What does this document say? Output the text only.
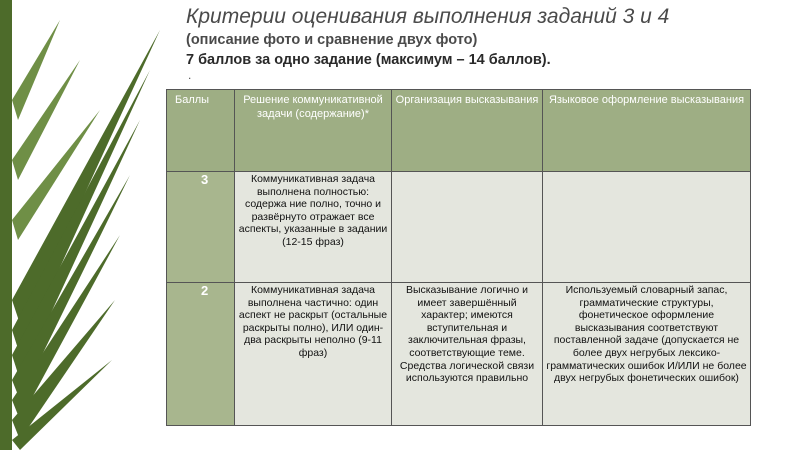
Критерии оценивания выполнения заданий 3 и 4
(описание фото и сравнение двух фото)
7 баллов за одно задание (максимум – 14 баллов).
.
Баллы	Решение коммуникативной задачи (содержание)*	Организация высказывания	Языковое оформление высказывания
3	Коммуникативная задача выполнена полностью: содержа ние полно, точно и развёрнуто отражает все аспекты, указанные в задании (12-15 фраз)		
2	Коммуникативная задача выполнена частично: один аспект не раскрыт (остальные раскрыты полно), ИЛИ один-два раскрыты неполно (9-11 фраз)	Высказывание логично и имеет завершённый характер; имеются вступительная и заключительная фразы, соответствующие теме. Средства логической связи используются правильно	Используемый словарный запас, грамматические структуры, фонетическое оформление высказывания соответствуют поставленной задаче (допускается не более двух негрубых лексико-грамматических ошибок И/ИЛИ не более двух негрубых фонетических ошибок)
